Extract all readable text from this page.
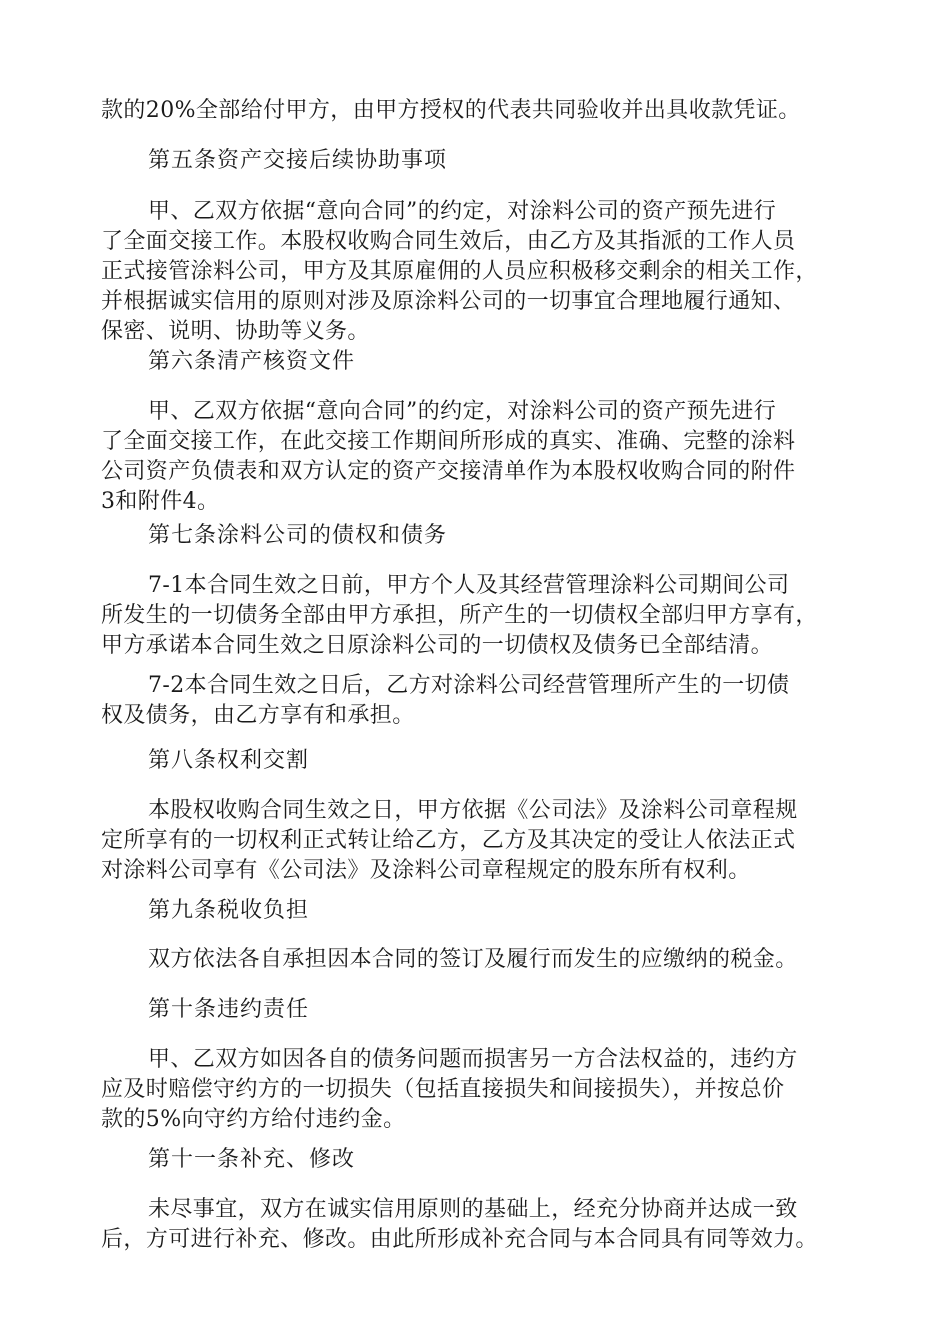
款的20%全部给付甲方，由甲方授权的代表共同验收并出具收款凭证。

第五条资产交接后续协助事项

甲、乙双方依据“意向合同”的约定，对涂料公司的资产预先进行
了全面交接工作。本股权收购合同生效后，由乙方及其指派的工作人员
正式接管涂料公司，甲方及其原雇佣的人员应积极移交剩余的相关工作，
并根据诚实信用的原则对涉及原涂料公司的一切事宜合理地履行通知、
保密、说明、协助等义务。

第六条清产核资文件

甲、乙双方依据“意向合同”的约定，对涂料公司的资产预先进行
了全面交接工作，在此交接工作期间所形成的真实、准确、完整的涂料
公司资产负债表和双方认定的资产交接清单作为本股权收购合同的附件
3和附件4。

第七条涂料公司的债权和债务

7-1本合同生效之日前，甲方个人及其经营管理涂料公司期间公司
所发生的一切债务全部由甲方承担，所产生的一切债权全部归甲方享有，
甲方承诺本合同生效之日原涂料公司的一切债权及债务已全部结清。

7-2本合同生效之日后，乙方对涂料公司经营管理所产生的一切债
权及债务，由乙方享有和承担。

第八条权利交割

本股权收购合同生效之日，甲方依据《公司法》及涂料公司章程规
定所享有的一切权利正式转让给乙方，乙方及其决定的受让人依法正式
对涂料公司享有《公司法》及涂料公司章程规定的股东所有权利。

第九条税收负担

双方依法各自承担因本合同的签订及履行而发生的应缴纳的税金。

第十条违约责任

甲、乙双方如因各自的债务问题而损害另一方合法权益的，违约方
应及时赔偿守约方的一切损失（包括直接损失和间接损失），并按总价
款的5%向守约方给付违约金。

第十一条补充、修改

未尽事宜，双方在诚实信用原则的基础上，经充分协商并达成一致
后，方可进行补充、修改。由此所形成补充合同与本合同具有同等效力。
